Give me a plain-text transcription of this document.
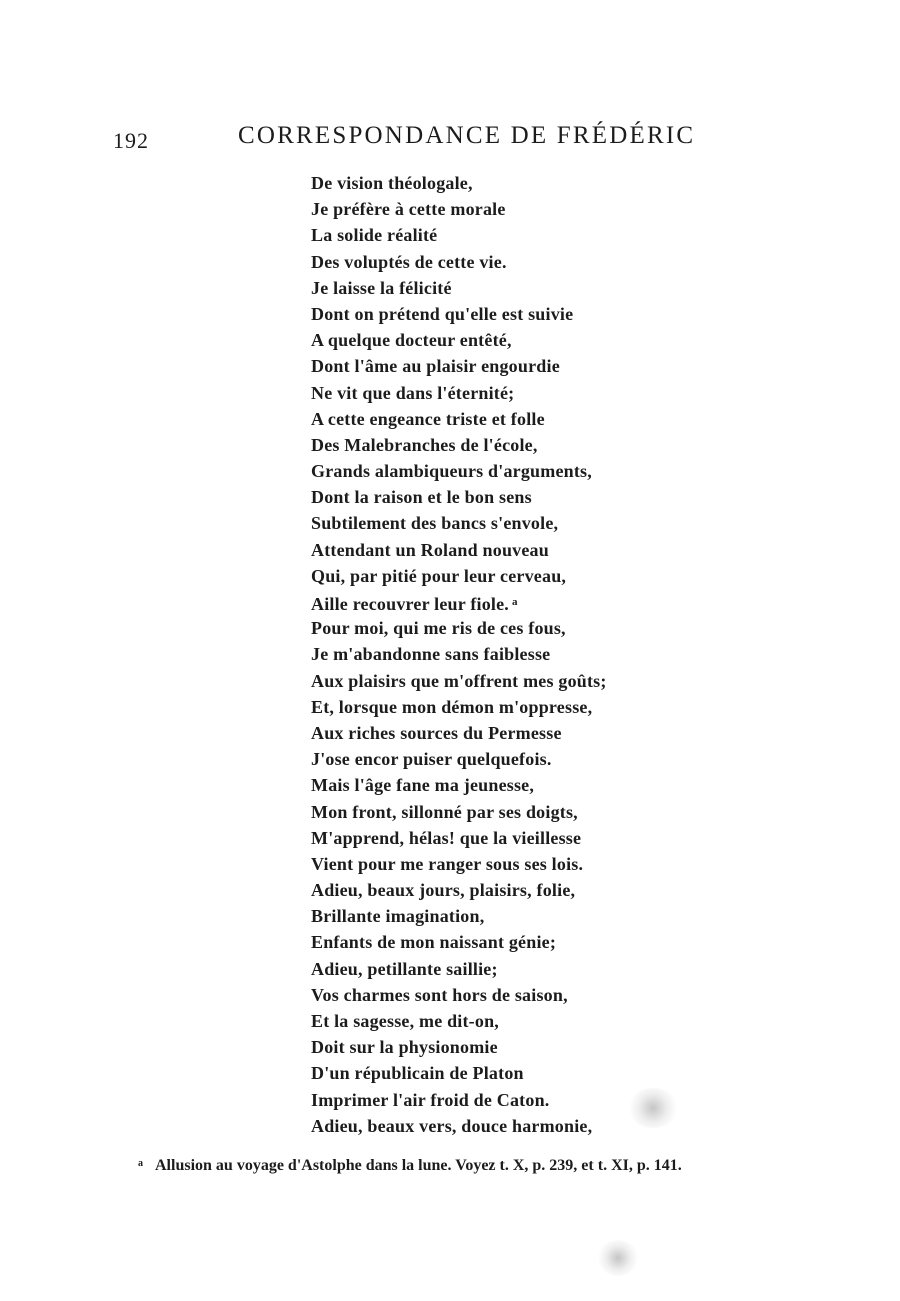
192	CORRESPONDANCE DE FRÉDÉRIC
De vision théologale,
Je préfère à cette morale
La solide réalité
Des voluptés de cette vie.
Je laisse la félicité
Dont on prétend qu'elle est suivie
A quelque docteur entêté,
Dont l'âme au plaisir engourdie
Ne vit que dans l'éternité;
A cette engeance triste et folle
Des Malebranches de l'école,
Grands alambiqueurs d'arguments,
Dont la raison et le bon sens
Subtilement des bancs s'envole,
Attendant un Roland nouveau
Qui, par pitié pour leur cerveau,
Aille recouvrer leur fiole. $^a$
Pour moi, qui me ris de ces fous,
Je m'abandonne sans faiblesse
Aux plaisirs que m'offrent mes goûts;
Et, lorsque mon démon m'oppresse,
Aux riches sources du Permesse
J'ose encor puiser quelquefois.
Mais l'âge fane ma jeunesse,
Mon front, sillonné par ses doigts,
M'apprend, hélas! que la vieillesse
Vient pour me ranger sous ses lois.
Adieu, beaux jours, plaisirs, folie,
Brillante imagination,
Enfants de mon naissant génie;
Adieu, petillante saillie;
Vos charmes sont hors de saison,
Et la sagesse, me dit-on,
Doit sur la physionomie
D'un républicain de Platon
Imprimer l'air froid de Caton.
Adieu, beaux vers, douce harmonie,
$^a$ Allusion au voyage d'Astolphe dans la lune. Voyez t. X, p. 239, et t. XI, p. 141.
